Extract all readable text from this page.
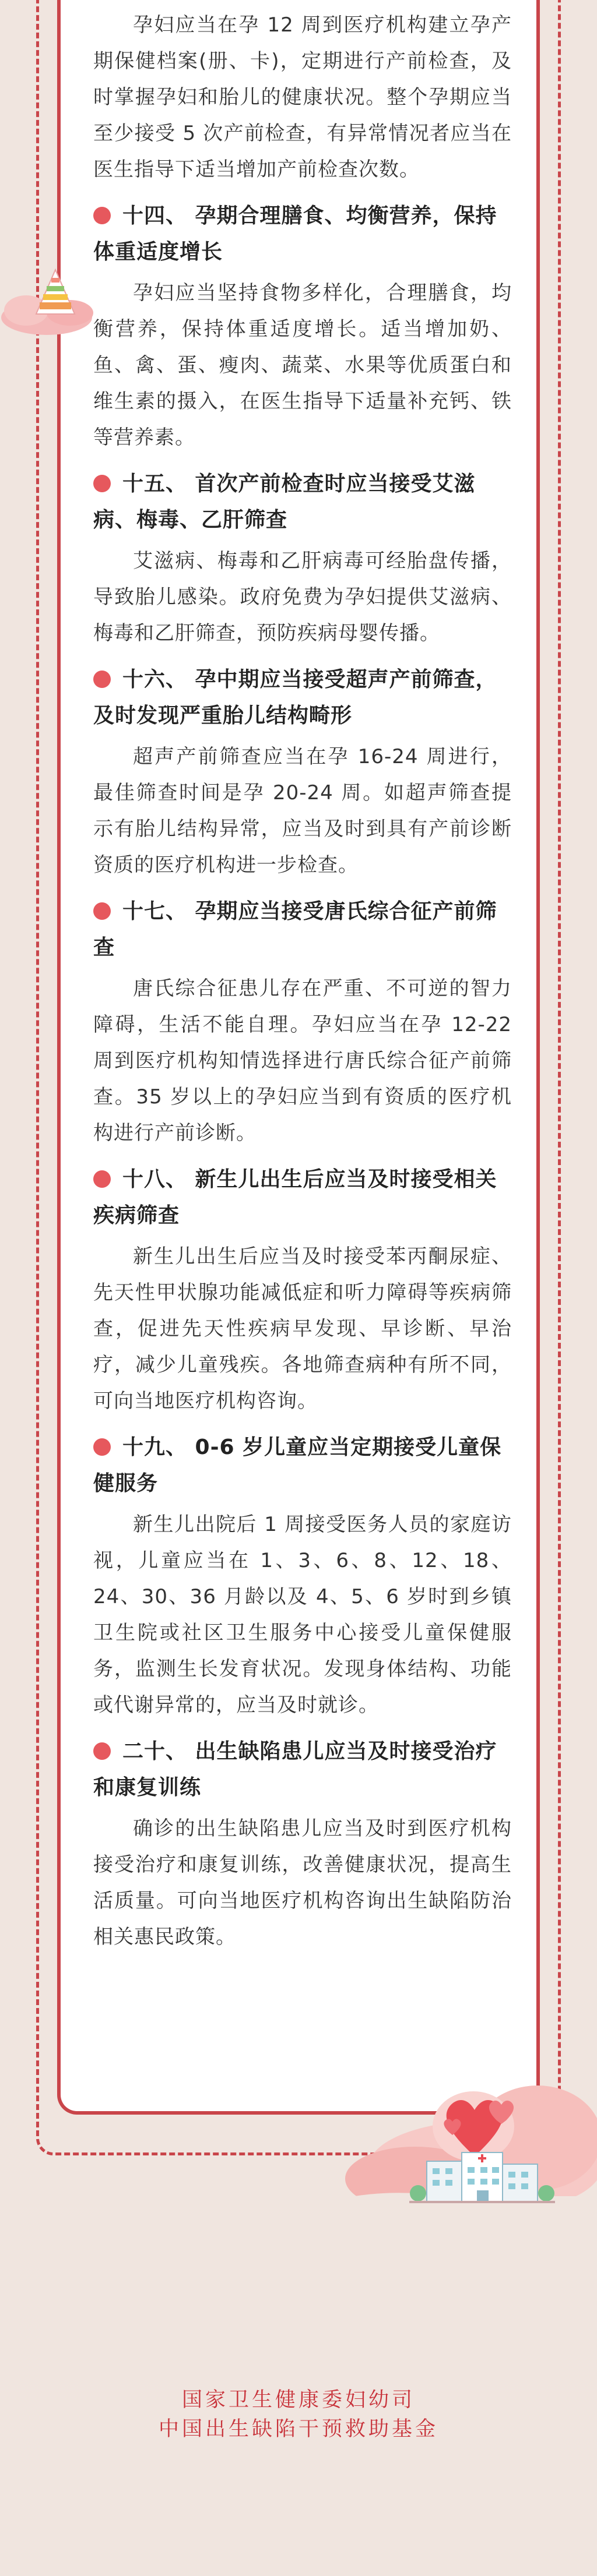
孕妇应当在孕 12 周到医疗机构建立孕产期保健档案(册、卡)，定期进行产前检查，及时掌握孕妇和胎儿的健康状况。整个孕期应当至少接受 5 次产前检查，有异常情况者应当在医生指导下适当增加产前检查次数。

十四、 孕期合理膳食、均衡营养，保持体重适度增长

孕妇应当坚持食物多样化，合理膳食，均衡营养，保持体重适度增长。适当增加奶、鱼、禽、蛋、瘦肉、蔬菜、水果等优质蛋白和维生素的摄入，在医生指导下适量补充钙、铁等营养素。

十五、 首次产前检查时应当接受艾滋病、梅毒、乙肝筛查

艾滋病、梅毒和乙肝病毒可经胎盘传播，导致胎儿感染。政府免费为孕妇提供艾滋病、梅毒和乙肝筛查，预防疾病母婴传播。

十六、 孕中期应当接受超声产前筛查，及时发现严重胎儿结构畸形

超声产前筛查应当在孕 16-24 周进行，最佳筛查时间是孕 20-24 周。如超声筛查提示有胎儿结构异常，应当及时到具有产前诊断资质的医疗机构进一步检查。

十七、 孕期应当接受唐氏综合征产前筛查

唐氏综合征患儿存在严重、不可逆的智力障碍，生活不能自理。孕妇应当在孕 12-22 周到医疗机构知情选择进行唐氏综合征产前筛查。35 岁以上的孕妇应当到有资质的医疗机构进行产前诊断。

十八、 新生儿出生后应当及时接受相关疾病筛查

新生儿出生后应当及时接受苯丙酮尿症、先天性甲状腺功能减低症和听力障碍等疾病筛查，促进先天性疾病早发现、早诊断、早治疗，减少儿童残疾。各地筛查病种有所不同，可向当地医疗机构咨询。

十九、 0-6 岁儿童应当定期接受儿童保健服务

新生儿出院后 1 周接受医务人员的家庭访视，儿童应当在 1、3、6、8、12、18、24、30、36 月龄以及 4、5、6 岁时到乡镇卫生院或社区卫生服务中心接受儿童保健服务，监测生长发育状况。发现身体结构、功能或代谢异常的，应当及时就诊。

二十、 出生缺陷患儿应当及时接受治疗和康复训练

确诊的出生缺陷患儿应当及时到医疗机构接受治疗和康复训练，改善健康状况，提高生活质量。可向当地医疗机构咨询出生缺陷防治相关惠民政策。

国家卫生健康委妇幼司
中国出生缺陷干预救助基金
